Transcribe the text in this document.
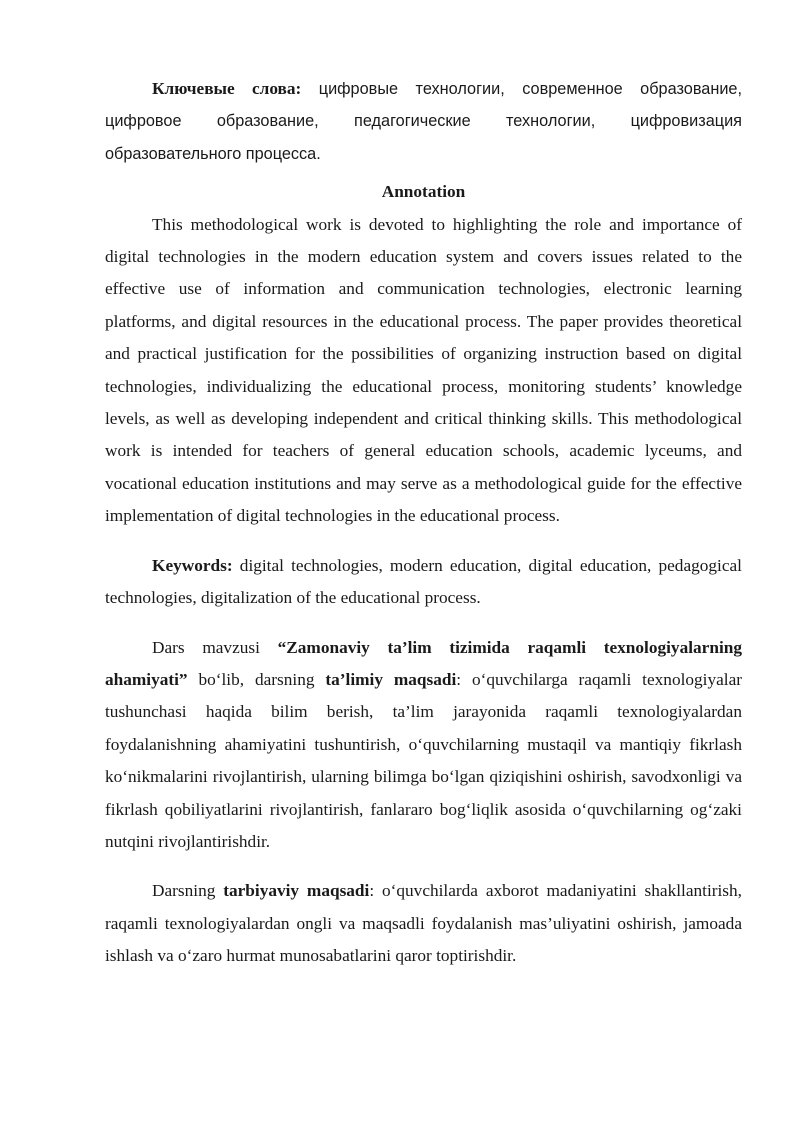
Ключевые слова: цифровые технологии, современное образование, цифровое образование, педагогические технологии, цифровизация образовательного процесса.

Annotation

This methodological work is devoted to highlighting the role and importance of digital technologies in the modern education system and covers issues related to the effective use of information and communication technologies, electronic learning platforms, and digital resources in the educational process. The paper provides theoretical and practical justification for the possibilities of organizing instruction based on digital technologies, individualizing the educational process, monitoring students’ knowledge levels, as well as developing independent and critical thinking skills. This methodological work is intended for teachers of general education schools, academic lyceums, and vocational education institutions and may serve as a methodological guide for the effective implementation of digital technologies in the educational process.

Keywords: digital technologies, modern education, digital education, pedagogical technologies, digitalization of the educational process.

Dars mavzusi “Zamonaviy ta’lim tizimida raqamli texnologiyalarning ahamiyati” bo‘lib, darsning ta’limiy maqsadi: o‘quvchilarga raqamli texnologiyalar tushunchasi haqida bilim berish, ta’lim jarayonida raqamli texnologiyalardan foydalanishning ahamiyatini tushuntirish, o‘quvchilarning mustaqil va mantiqiy fikrlash ko‘nikmalarini rivojlantirish, ularning bilimga bo‘lgan qiziqishini oshirish, savodxonligi va fikrlash qobiliyatlarini rivojlantirish, fanlararo bog‘liqlik asosida o‘quvchilarning og‘zaki nutqini rivojlantirishdir.

Darsning tarbiyaviy maqsadi: o‘quvchilarda axborot madaniyatini shakllantirish, raqamli texnologiyalardan ongli va maqsadli foydalanish mas’uliyatini oshirish, jamoada ishlash va o‘zaro hurmat munosabatlarini qaror toptirishdir.
